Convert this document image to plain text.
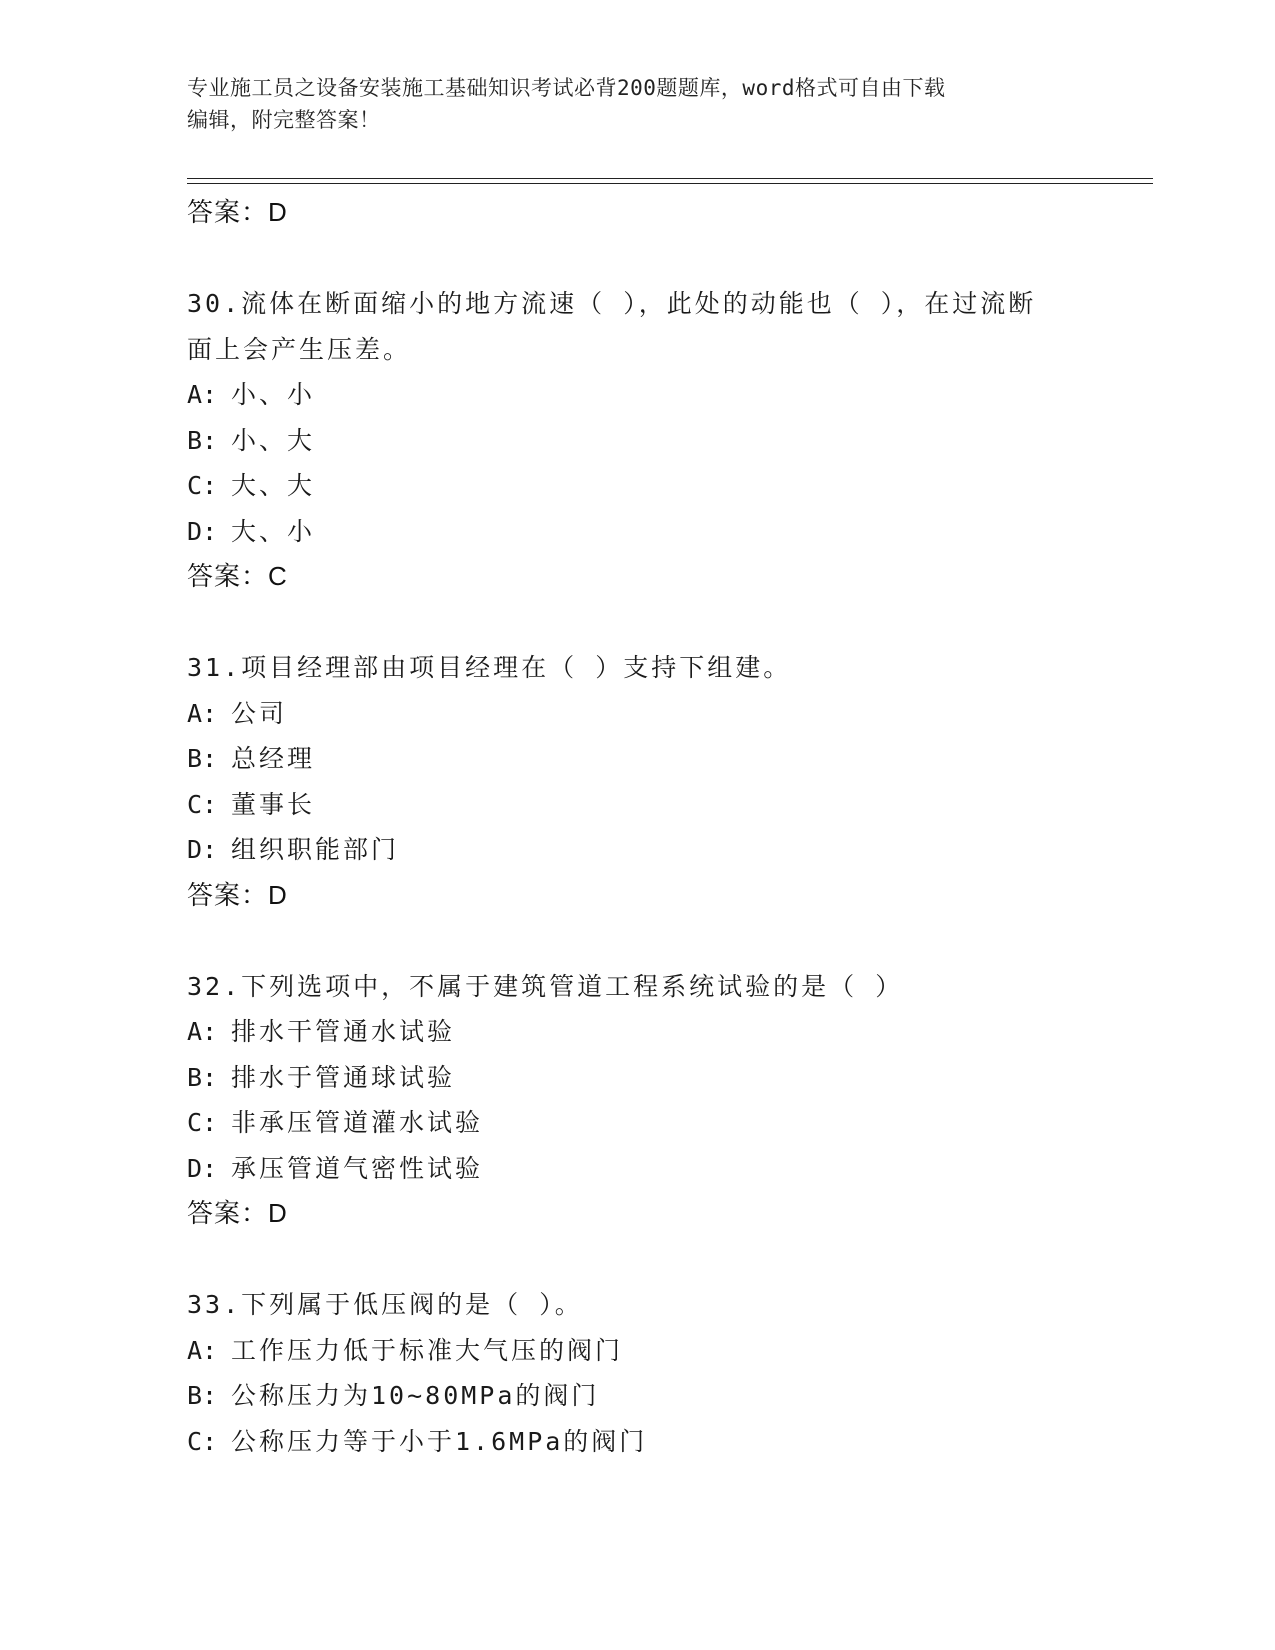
专业施工员之设备安装施工基础知识考试必背200题题库，word格式可自由下载
编辑，附完整答案！
答案：D
30.流体在断面缩小的地方流速（ ），此处的动能也（ ），在过流断
面上会产生压差。
A: 小、小
B: 小、大
C: 大、大
D: 大、小
答案：C
31.项目经理部由项目经理在（ ）支持下组建。
A: 公司
B: 总经理
C: 董事长
D: 组织职能部门
答案：D
32.下列选项中，不属于建筑管道工程系统试验的是（ ）
A: 排水干管通水试验
B: 排水于管通球试验
C: 非承压管道灌水试验
D: 承压管道气密性试验
答案：D
33.下列属于低压阀的是（ ）。
A: 工作压力低于标准大气压的阀门
B: 公称压力为10~80MPa的阀门
C: 公称压力等于小于1.6MPa的阀门
